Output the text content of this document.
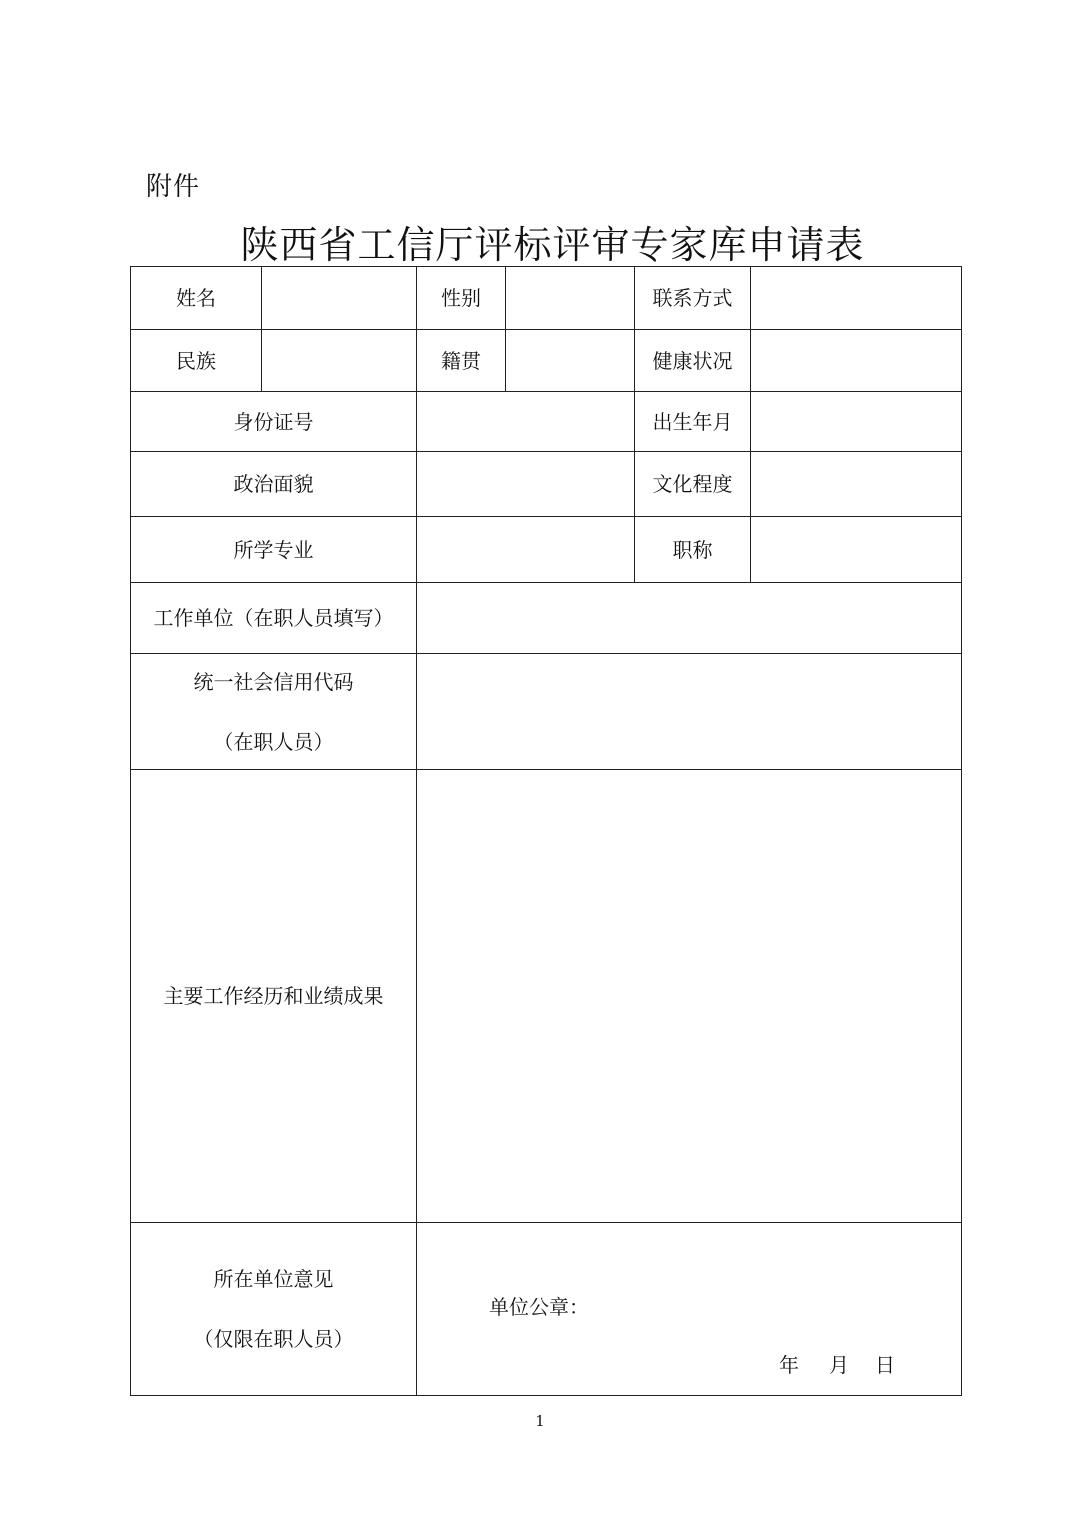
附件
陕西省工信厅评标评审专家库申请表
姓名	性别	联系方式
民族	籍贯	健康状况
身份证号	出生年月
政治面貌	文化程度
所学专业	职称
工作单位（在职人员填写）
统一社会信用代码
（在职人员）
主要工作经历和业绩成果
所在单位意见
（仅限在职人员）
单位公章：
年 月 日
1
